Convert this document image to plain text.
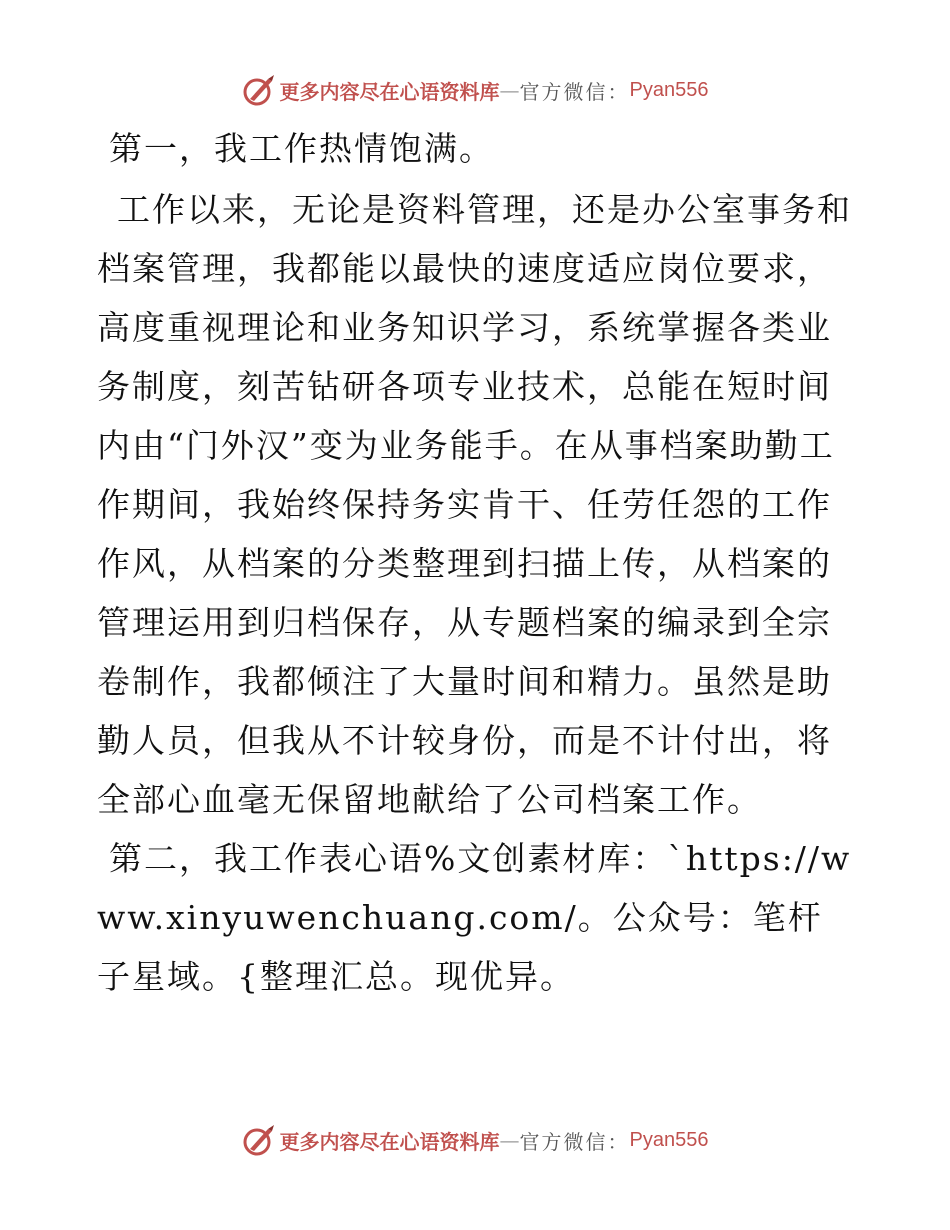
更多内容尽在心语资料库 — 官方微信： Pyan556

第一，我工作热情饱满。

工作以来，无论是资料管理，还是办公室事务和档案管理，我都能以最快的速度适应岗位要求，高度重视理论和业务知识学习，系统掌握各类业务制度，刻苦钻研各项专业技术，总能在短时间内由“门外汉”变为业务能手。在从事档案助勤工作期间，我始终保持务实肯干、任劳任怨的工作作风，从档案的分类整理到扫描上传，从档案的管理运用到归档保存，从专题档案的编录到全宗卷制作，我都倾注了大量时间和精力。虽然是助勤人员，但我从不计较身份，而是不计付出，将全部心血毫无保留地献给了公司档案工作。

第二，我工作表心语%文创素材库：`https://www.xinyuwenchuang.com/。公众号：笔杆子星域。{整理汇总。现优异。

更多内容尽在心语资料库 — 官方微信： Pyan556
